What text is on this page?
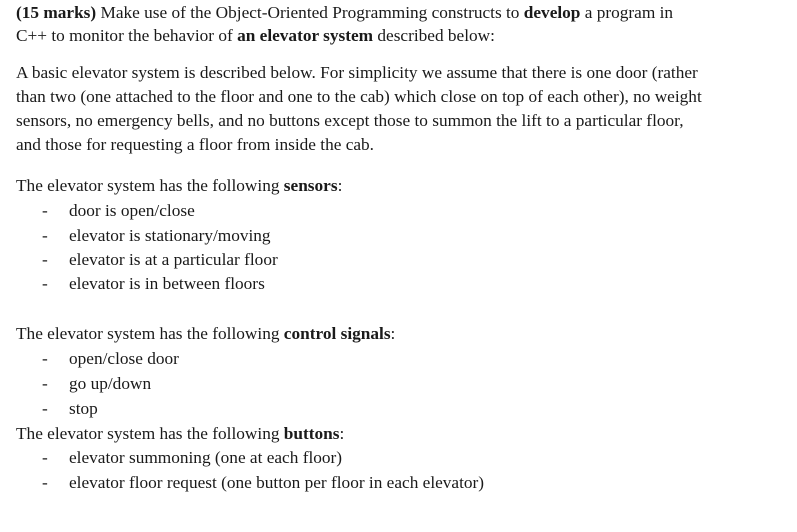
(15 marks) Make use of the Object-Oriented Programming constructs to develop a program in
C++ to monitor the behavior of an elevator system described below:
A basic elevator system is described below. For simplicity we assume that there is one door (rather
than two (one attached to the floor and one to the cab) which close on top of each other), no weight
sensors, no emergency bells, and no buttons except those to summon the lift to a particular floor,
and those for requesting a floor from inside the cab.
The elevator system has the following sensors:
- door is open/close
- elevator is stationary/moving
- elevator is at a particular floor
- elevator is in between floors
The elevator system has the following control signals:
- open/close door
- go up/down
- stop
The elevator system has the following buttons:
- elevator summoning (one at each floor)
- elevator floor request (one button per floor in each elevator)
